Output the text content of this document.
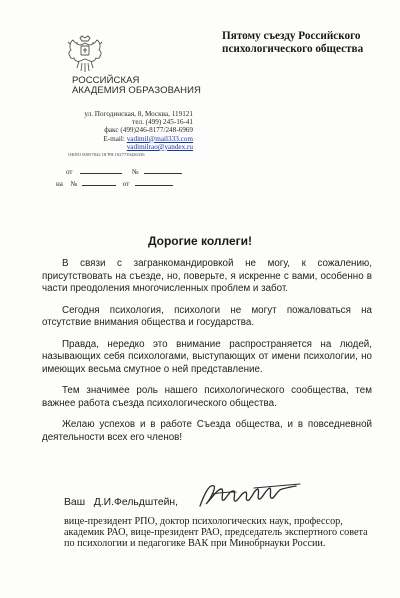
РОССИЙСКАЯ
АКАДЕМИЯ ОБРАЗОВАНИЯ
ул. Погодинская, 8, Москва, 119121
тел. (499) 245-16-41
факс (499)246-8177/248-6969
E-mail: vadimil@mail333.com
vadimilrao@yandex.ru
ОКПО 00057842 ОГРН 1027739426336
от	№
на №	от
Пятому съезду Российского
психологического общества
Дорогие коллеги!

В связи с загранкомандировкой не могу, к сожалению, присутствовать на съезде, но, поверьте, я искренне с вами, особенно в части преодоления многочисленных проблем и забот.

Сегодня психология, психологи не могут пожаловаться на отсутствие внимания общества и государства.

Правда, нередко это внимание распространяется на людей, называющих себя психологами, выступающих от имени психологии, но имеющих весьма смутное о ней представление.

Тем значимее роль нашего психологического сообщества, тем важнее работа съезда психологического общества.

Желаю успехов и в работе Съезда общества, и в повседневной деятельности всех его членов!

Ваш   Д.И.Фельдштейн,
вице-президент РПО, доктор психологических наук, профессор,
академик РАО, вице-президент РАО, председатель экспертного совета
по психологии и педагогике ВАК при Минобрнауки России.
